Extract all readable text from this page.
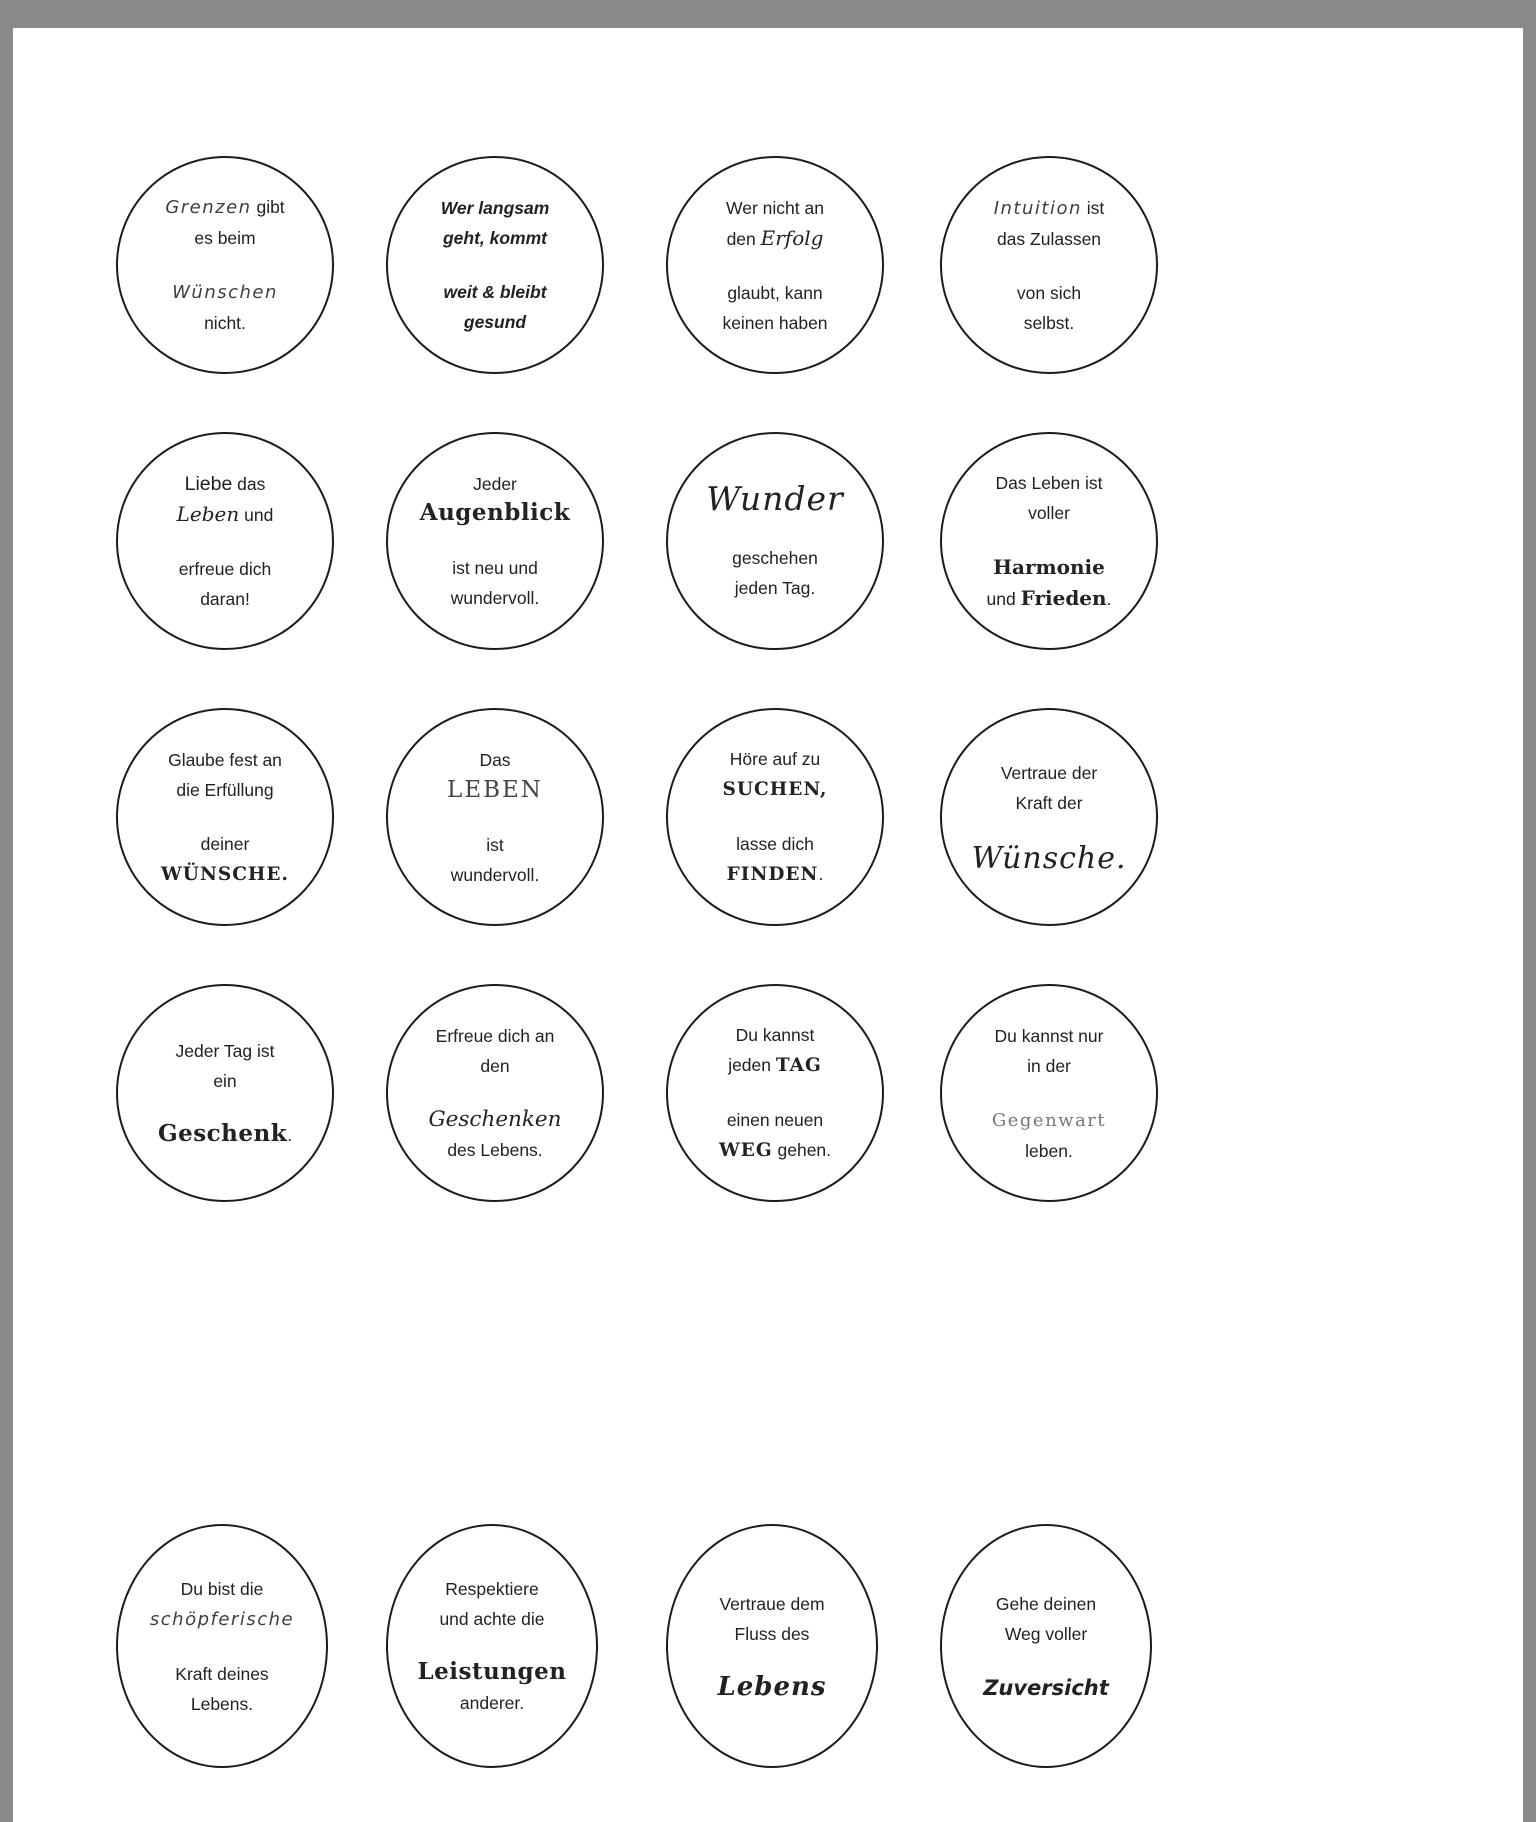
Grenzen gibt
es beim
Wünschen
nicht.
Wer langsam
geht, kommt
weit & bleibt
gesund
Wer nicht an
den Erfolg
glaubt, kann
keinen haben
Intuition ist
das Zulassen
von sich
selbst.
Liebe das
Leben und
erfreue dich
daran!
Jeder
Augenblick
ist neu und
wundervoll.
Wunder
geschehen
jeden Tag.
Das Leben ist
voller
Harmonie
und Frieden.
Glaube fest an
die Erfüllung
deiner
WÜNSCHE.
Das
LEBEN
ist
wundervoll.
Höre auf zu
SUCHEN,
lasse dich
FINDEN.
Vertraue der
Kraft der
Wünsche.
Jeder Tag ist
ein
Geschenk.
Erfreue dich an
den
Geschenken
des Lebens.
Du kannst
jeden TAG
einen neuen
WEG gehen.
Du kannst nur
in der
Gegenwart
leben.
Du bist die
schöpferische
Kraft deines
Lebens.
Respektiere
und achte die
Leistungen
anderer.
Vertraue dem
Fluss des
Lebens
Gehe deinen
Weg voller
Zuversicht
